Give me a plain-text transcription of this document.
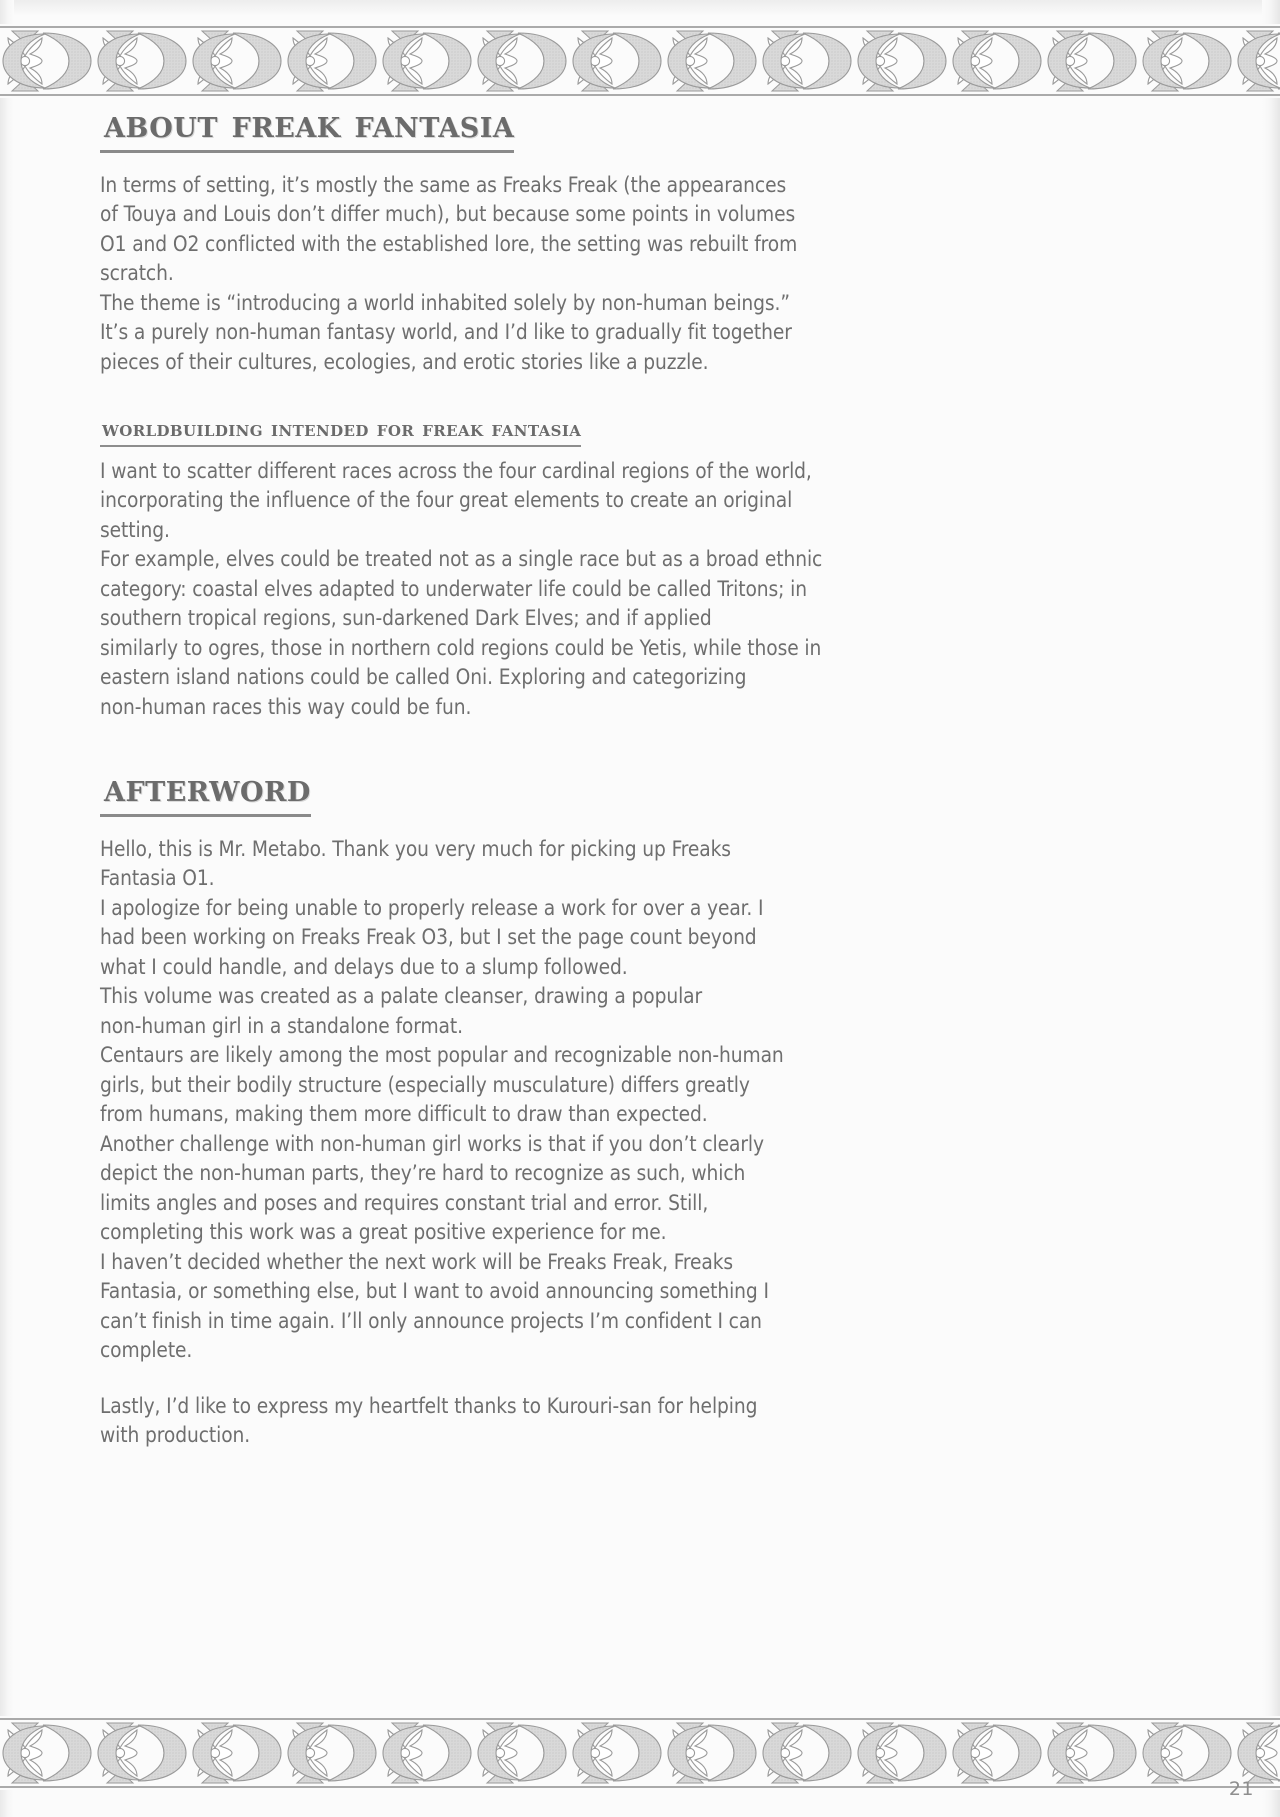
about freak fantasia

In terms of setting, it’s mostly the same as Freaks Freak (the appearances
of Touya and Louis don’t differ much), but because some points in volumes
O1 and O2 conflicted with the established lore, the setting was rebuilt from
scratch.
The theme is “introducing a world inhabited solely by non-human beings.”
It’s a purely non-human fantasy world, and I’d like to gradually fit together
pieces of their cultures, ecologies, and erotic stories like a puzzle.

worldbuilding intended for freak fantasia

I want to scatter different races across the four cardinal regions of the world,
incorporating the influence of the four great elements to create an original
setting.
For example, elves could be treated not as a single race but as a broad ethnic
category: coastal elves adapted to underwater life could be called Tritons; in
southern tropical regions, sun-darkened Dark Elves; and if applied
similarly to ogres, those in northern cold regions could be Yetis, while those in
eastern island nations could be called Oni. Exploring and categorizing
non-human races this way could be fun.

afterword

Hello, this is Mr. Metabo. Thank you very much for picking up Freaks
Fantasia O1.
I apologize for being unable to properly release a work for over a year. I
had been working on Freaks Freak O3, but I set the page count beyond
what I could handle, and delays due to a slump followed.
This volume was created as a palate cleanser, drawing a popular
non-human girl in a standalone format.
Centaurs are likely among the most popular and recognizable non-human
girls, but their bodily structure (especially musculature) differs greatly
from humans, making them more difficult to draw than expected.
Another challenge with non-human girl works is that if you don’t clearly
depict the non-human parts, they’re hard to recognize as such, which
limits angles and poses and requires constant trial and error. Still,
completing this work was a great positive experience for me.
I haven’t decided whether the next work will be Freaks Freak, Freaks
Fantasia, or something else, but I want to avoid announcing something I
can’t finish in time again. I’ll only announce projects I’m confident I can
complete.

Lastly, I’d like to express my heartfelt thanks to Kurouri-san for helping
with production.

21
